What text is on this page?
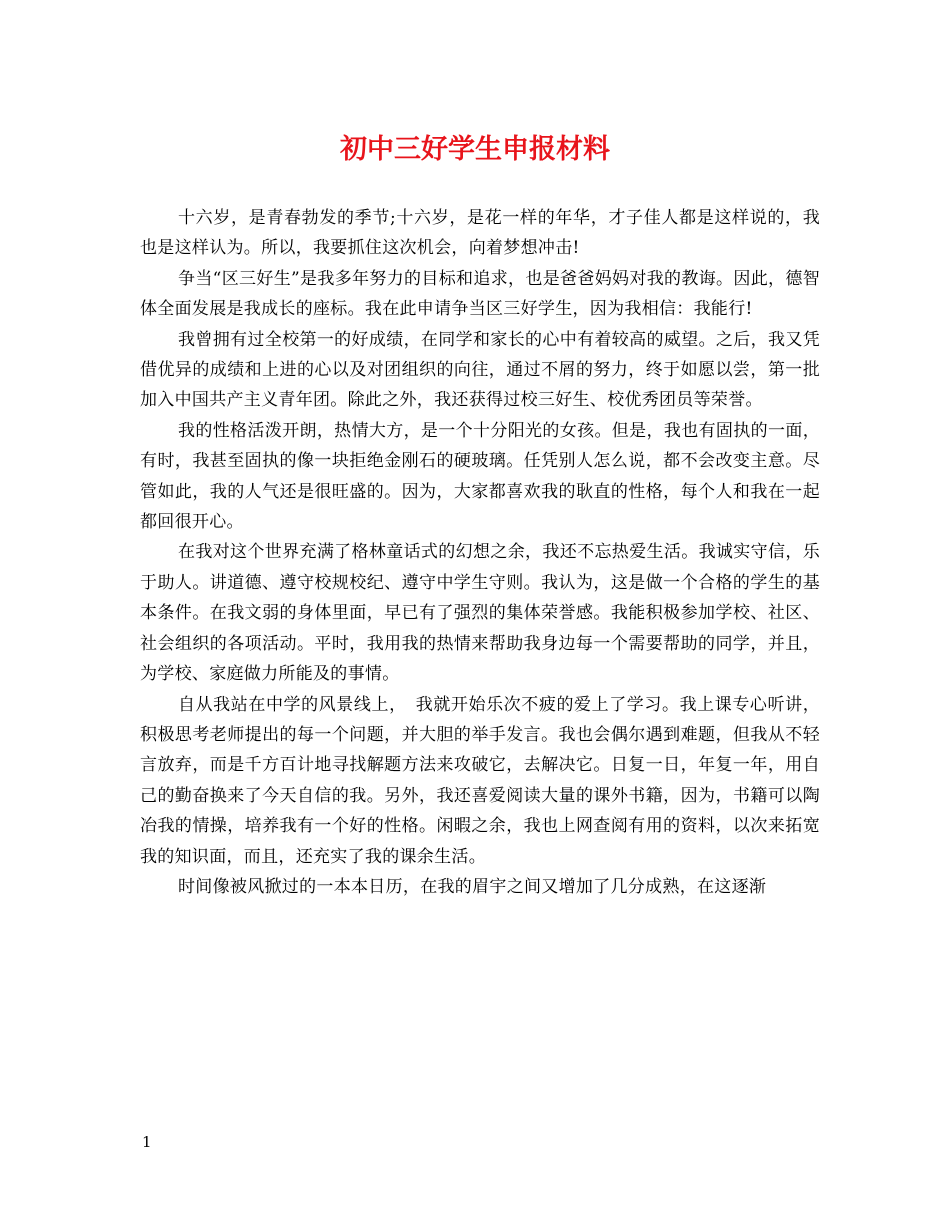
初中三好学生申报材料

十六岁，是青春勃发的季节;十六岁，是花一样的年华，才子佳人都是这样说的，我也是这样认为。所以，我要抓住这次机会，向着梦想冲击!

争当“区三好生”是我多年努力的目标和追求，也是爸爸妈妈对我的教诲。因此，德智体全面发展是我成长的座标。我在此申请争当区三好学生，因为我相信：我能行!

我曾拥有过全校第一的好成绩，在同学和家长的心中有着较高的威望。之后，我又凭借优异的成绩和上进的心以及对团组织的向往，通过不屑的努力，终于如愿以尝，第一批加入中国共产主义青年团。除此之外，我还获得过校三好生、校优秀团员等荣誉。

我的性格活泼开朗，热情大方，是一个十分阳光的女孩。但是，我也有固执的一面，有时，我甚至固执的像一块拒绝金刚石的硬玻璃。任凭别人怎么说，都不会改变主意。尽管如此，我的人气还是很旺盛的。因为，大家都喜欢我的耿直的性格，每个人和我在一起都回很开心。

在我对这个世界充满了格林童话式的幻想之余，我还不忘热爱生活。我诚实守信，乐于助人。讲道德、遵守校规校纪、遵守中学生守则。我认为，这是做一个合格的学生的基本条件。在我文弱的身体里面，早已有了强烈的集体荣誉感。我能积极参加学校、社区、社会组织的各项活动。平时，我用我的热情来帮助我身边每一个需要帮助的同学，并且，为学校、家庭做力所能及的事情。

自从我站在中学的风景线上，　我就开始乐次不疲的爱上了学习。我上课专心听讲，积极思考老师提出的每一个问题，并大胆的举手发言。我也会偶尔遇到难题，但我从不轻言放弃，而是千方百计地寻找解题方法来攻破它，去解决它。日复一日，年复一年，用自己的勤奋换来了今天自信的我。另外，我还喜爱阅读大量的课外书籍，因为，书籍可以陶冶我的情操，培养我有一个好的性格。闲暇之余，我也上网查阅有用的资料，以次来拓宽我的知识面，而且，还充实了我的课余生活。

时间像被风掀过的一本本日历，在我的眉宇之间又增加了几分成熟，在这逐渐

1
